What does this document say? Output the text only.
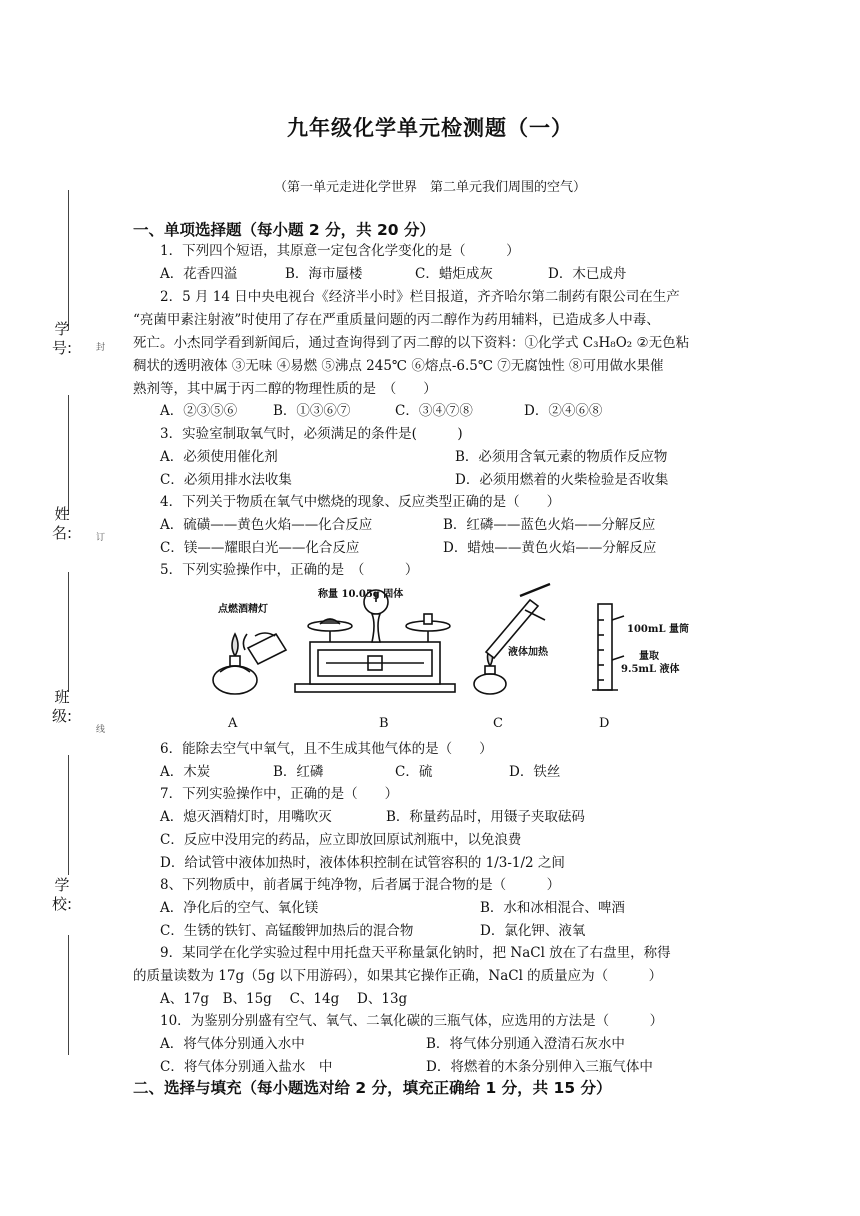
九年级化学单元检测题（一）
（第一单元走进化学世界　第二单元我们周围的空气）
学号:
姓名:
班级:
学校:
封
订
线
一、单项选择题（每小题 2 分，共 20 分）
1．下列四个短语，其原意一定包含化学变化的是（　　　）
A．花香四溢	B．海市蜃楼	C．蜡炬成灰	D．木已成舟
2．5 月 14 日中央电视台《经济半小时》栏目报道，齐齐哈尔第二制药有限公司在生产
“亮菌甲素注射液”时使用了存在严重质量问题的丙二醇作为药用辅料，已造成多人中毒、
死亡。小杰同学看到新闻后，通过查询得到了丙二醇的以下资料：①化学式 C₃H₈O₂ ②无色粘
稠状的透明液体 ③无味 ④易燃 ⑤沸点 245℃ ⑥熔点-6.5℃ ⑦无腐蚀性 ⑧可用做水果催
熟剂等，其中属于丙二醇的物理性质的是　（　　）
A．②③⑤⑥	B．①③⑥⑦	C．③④⑦⑧	D．②④⑥⑧
3．实验室制取氧气时，必须满足的条件是(　　　)
A．必须使用催化剂	B．必须用含氧元素的物质作反应物
C．必须用排水法收集	D．必须用燃着的火柴检验是否收集
4．下列关于物质在氧气中燃烧的现象、反应类型正确的是（　　）
A．硫磺——黄色火焰——化合反应	B．红磷——蓝色火焰——分解反应
C．镁——耀眼白光——化合反应	D．蜡烛——黄色火焰——分解反应
5．下列实验操作中，正确的是　（　　　）
点燃酒精灯
称量 10.05g 固体
液体加热
100mL 量筒
量取
9.5mL 液体
A	B	C	D
6．能除去空气中氧气，且不生成其他气体的是（　　）
A．木炭	B．红磷	C．硫	D．铁丝
7．下列实验操作中，正确的是（　　）
A．熄灭酒精灯时，用嘴吹灭	B．称量药品时，用镊子夹取砝码
C．反应中没用完的药品，应立即放回原试剂瓶中，以免浪费
D．给试管中液体加热时，液体体积控制在试管容积的 1/3-1/2 之间
8、下列物质中，前者属于纯净物，后者属于混合物的是（　　　）
A．净化后的空气、氧化镁	B．水和冰相混合、啤酒
C．生锈的铁钉、高锰酸钾加热后的混合物	D．氯化钾、液氧
9．某同学在化学实验过程中用托盘天平称量氯化钠时，把 NaCl 放在了右盘里，称得
的质量读数为 17g（5g 以下用游码），如果其它操作正确，NaCl 的质量应为（　　　）
A、17g　B、15g　 C、14g　 D、13g
10．为鉴别分别盛有空气、氧气、二氧化碳的三瓶气体，应选用的方法是（　　　）
A．将气体分别通入水中	B．将气体分别通入澄清石灰水中
C．将气体分别通入盐水　中	D．将燃着的木条分别伸入三瓶气体中
二、选择与填充（每小题选对给 2 分，填充正确给 1 分，共 15 分）
